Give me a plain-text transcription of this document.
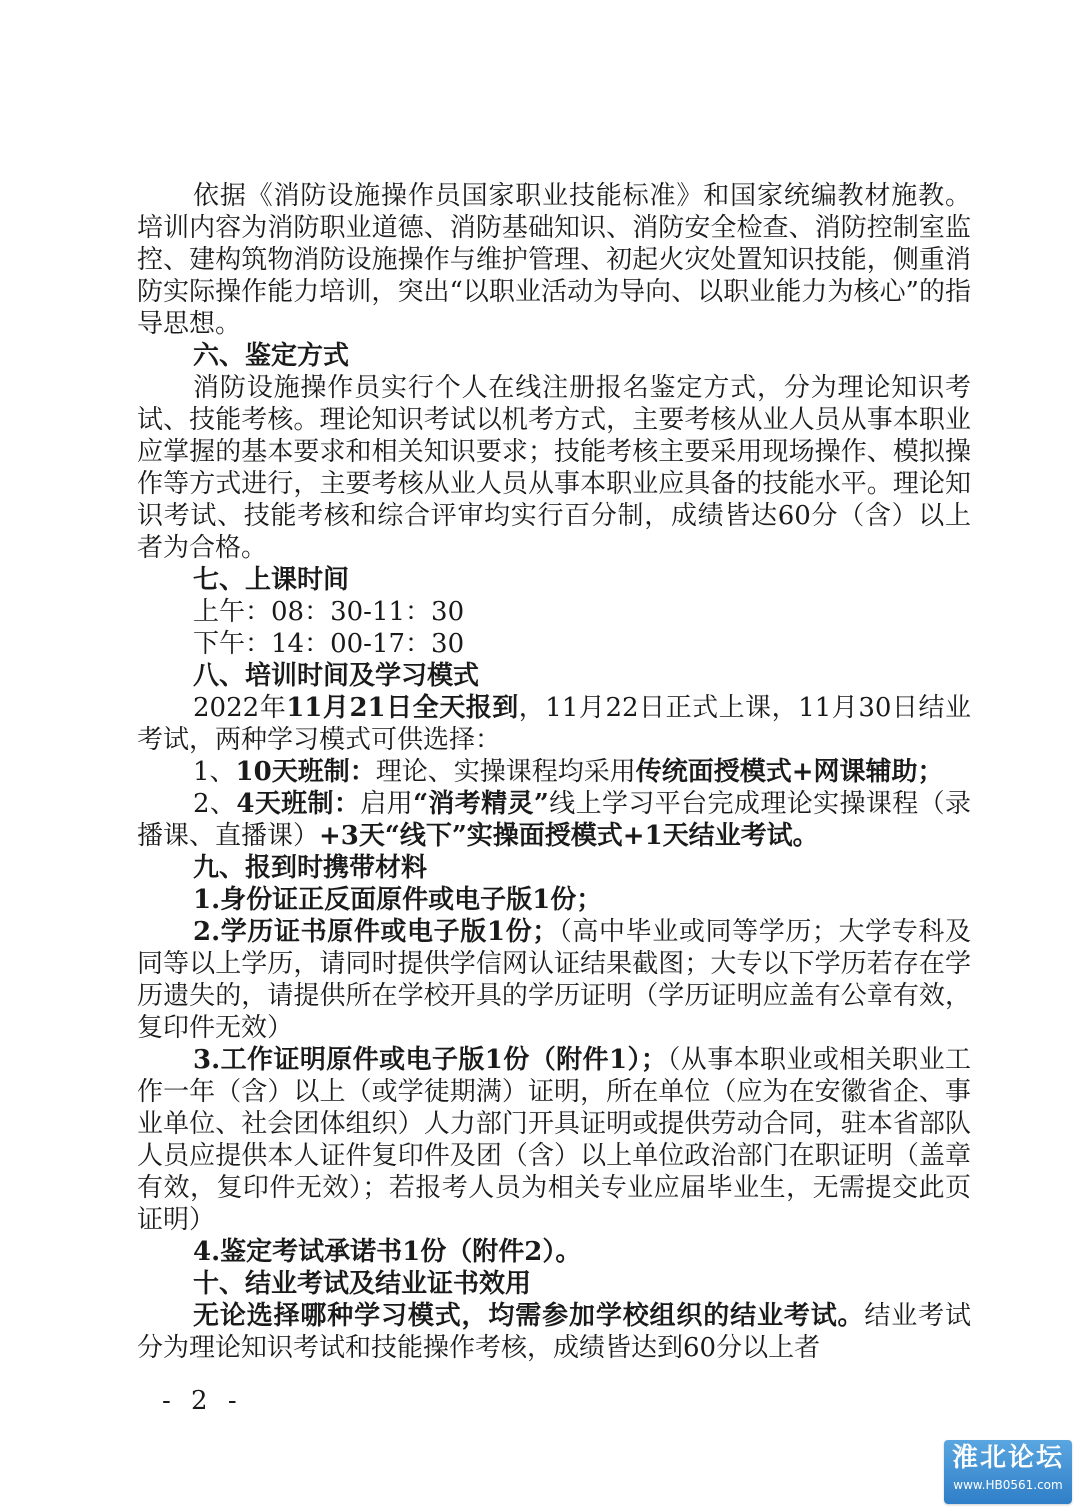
依据《消防设施操作员国家职业技能标准》和国家统编教材施教。培训内容为消防职业道德、消防基础知识、消防安全检查、消防控制室监控、建构筑物消防设施操作与维护管理、初起火灾处置知识技能，侧重消防实际操作能力培训，突出“以职业活动为导向、以职业能力为核心”的指导思想。

六、鉴定方式

消防设施操作员实行个人在线注册报名鉴定方式，分为理论知识考试、技能考核。理论知识考试以机考方式，主要考核从业人员从事本职业应掌握的基本要求和相关知识要求；技能考核主要采用现场操作、模拟操作等方式进行，主要考核从业人员从事本职业应具备的技能水平。理论知识考试、技能考核和综合评审均实行百分制，成绩皆达60分（含）以上者为合格。

七、上课时间

上午：08：30-11：30

下午：14：00-17：30

八、培训时间及学习模式

2022年11月21日全天报到，11月22日正式上课，11月30日结业考试，两种学习模式可供选择：

1、10天班制：理论、实操课程均采用传统面授模式+网课辅助；

2、4天班制：启用“消考精灵”线上学习平台完成理论实操课程（录播课、直播课）+3天“线下”实操面授模式+1天结业考试。

九、报到时携带材料

1.身份证正反面原件或电子版1份；

2.学历证书原件或电子版1份；（高中毕业或同等学历；大学专科及同等以上学历，请同时提供学信网认证结果截图；大专以下学历若存在学历遗失的，请提供所在学校开具的学历证明（学历证明应盖有公章有效，复印件无效）

3.工作证明原件或电子版1份（附件1）；（从事本职业或相关职业工作一年（含）以上（或学徒期满）证明，所在单位（应为在安徽省企、事业单位、社会团体组织）人力部门开具证明或提供劳动合同，驻本省部队人员应提供本人证件复印件及团（含）以上单位政治部门在职证明（盖章有效，复印件无效）；若报考人员为相关专业应届毕业生，无需提交此页证明）

4.鉴定考试承诺书1份（附件2）。

十、结业考试及结业证书效用

无论选择哪种学习模式，均需参加学校组织的结业考试。结业考试分为理论知识考试和技能操作考核，成绩皆达到60分以上者

- 2 -
淮北论坛
www.HB0561.com
